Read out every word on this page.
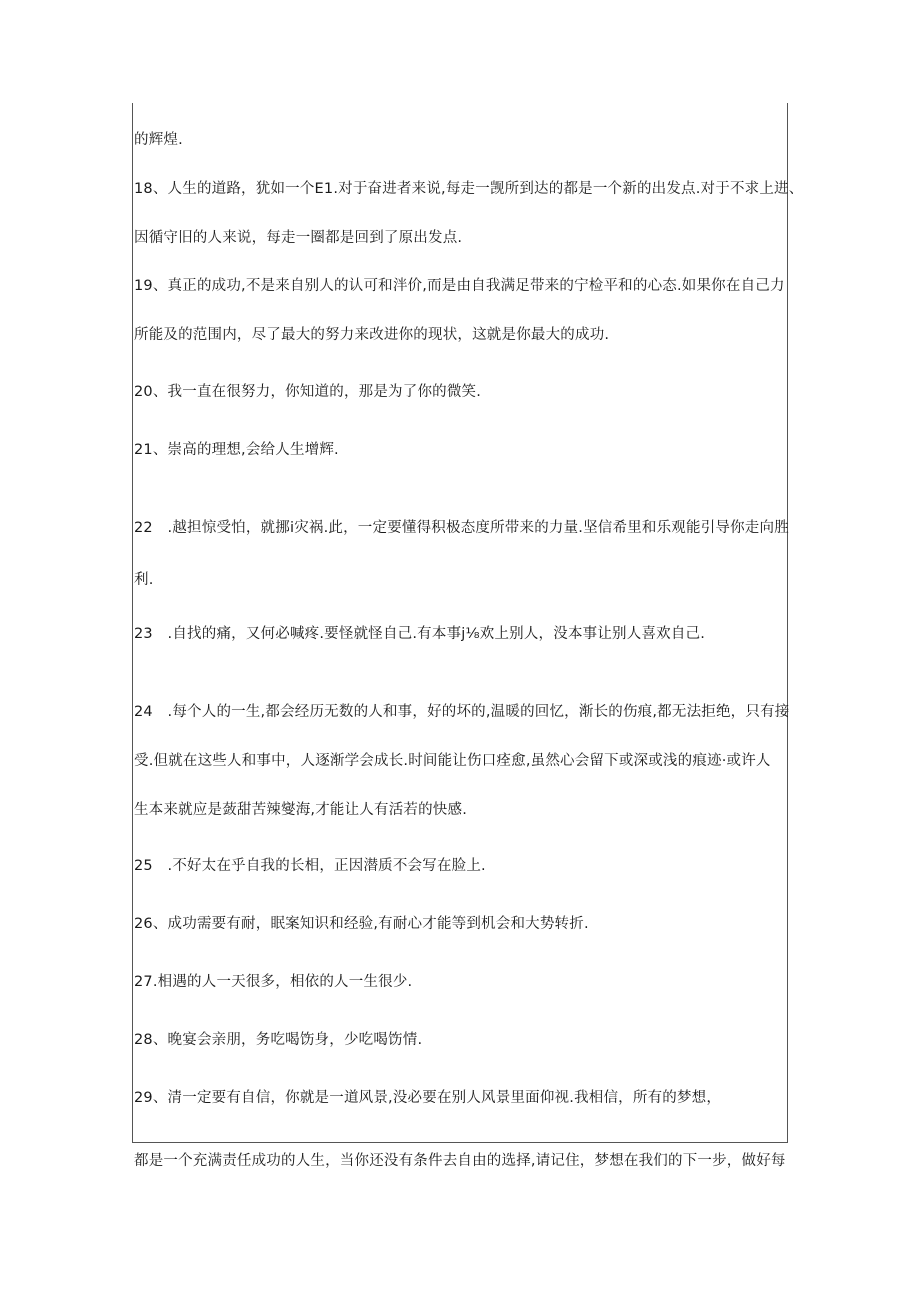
的辉煌.
18、人生的道路，犹如一个E1.对于奋进者来说,每走一觊所到达的都是一个新的出发点.对于不求上进、
因循守旧的人来说，每走一圈都是回到了原出发点.
19、真正的成功,不是来自别人的认可和泮价,而是由自我满足带来的宁检平和的心态.如果你在自己力
所能及的范围内，尽了最大的努力来改进你的现状，这就是你最大的成功.
20、我一直在很努力，你知道的，那是为了你的微笑.
21、崇高的理想,会给人生增辉.
22　.越担惊受怕，就挪i灾祸.此，一定要懂得积极态度所带来的力量.坚信希里和乐观能引导你走向胜
利.
23　.自找的痛，又何必喊疼.要怪就怪自己.有本事j⅛欢上别人，没本事让别人喜欢自己.
24　.每个人的一生,都会经历无数的人和事，好的坏的,温暖的回忆，渐长的伤痕,都无法拒绝，只有接
受.但就在这些人和事中，人逐渐学会成长.时间能让伤口痊愈,虽然心会留下或深或浅的痕迹·或许人
生本来就应是蔹甜苦辣燮海,才能让人有活若的快感.
25　.不好太在乎自我的长相，正因潜质不会写在脸上.
26、成功需要有耐，眠案知识和经验,有耐心才能等到机会和大势转折.
27.相遇的人一天很多，相依的人一生很少.
28、晚宴会亲朋，务吃喝饬身，少吃喝饬情.
29、清一定要有自信，你就是一道风景,没必要在别人风景里面仰视.我相信，所有的梦想，
都是一个充满责任成功的人生，当你还没有条件去自由的选择,请记住，梦想在我们的下一步，做好每
